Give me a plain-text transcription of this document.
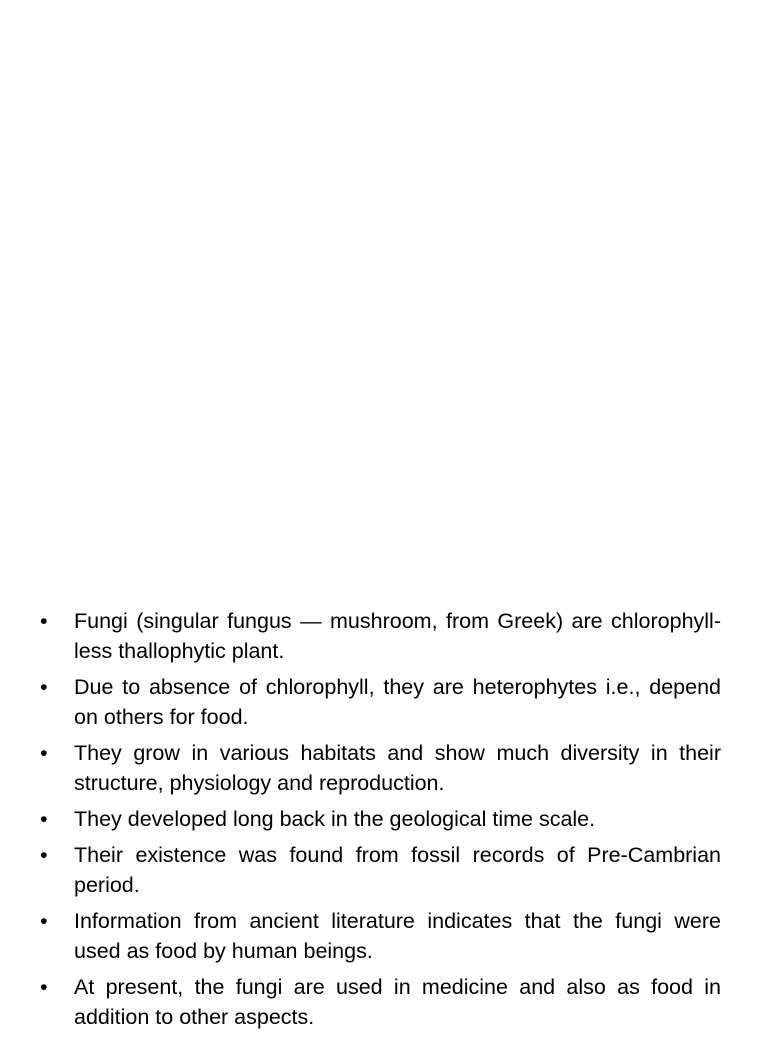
•	Fungi (singular fungus — mushroom, from Greek) are chlorophyll-less thallophytic plant.
•	Due to absence of chlorophyll, they are heterophytes i.e., depend on others for food.
•	They grow in various habitats and show much diversity in their structure, physiology and reproduction.
•	They developed long back in the geological time scale.
•	Their existence was found from fossil records of Pre-Cambrian period.
•	Information from ancient literature indicates that the fungi were used as food by human beings.
•	At present, the fungi are used in medicine and also as food in addition to other aspects.
